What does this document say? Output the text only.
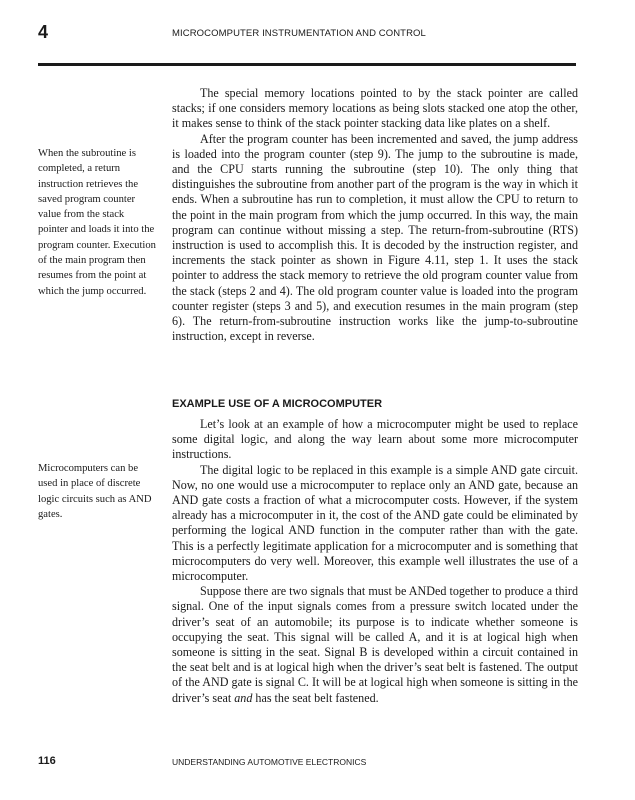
4	MICROCOMPUTER INSTRUMENTATION AND CONTROL

The special memory locations pointed to by the stack pointer are called stacks; if one considers memory locations as being slots stacked one atop the other, it makes sense to think of the stack pointer stacking data like plates on a shelf.

After the program counter has been incremented and saved, the jump address is loaded into the program counter (step 9). The jump to the subroutine is made, and the CPU starts running the subroutine (step 10). The only thing that distinguishes the subroutine from another part of the program is the way in which it ends. When a subroutine has run to completion, it must allow the CPU to return to the point in the main program from which the jump occurred. In this way, the main program can continue without missing a step. The return-from-subroutine (RTS) instruction is used to accomplish this. It is decoded by the instruction register, and increments the stack pointer as shown in Figure 4.11, step 1. It uses the stack pointer to address the stack memory to retrieve the old program counter value from the stack (steps 2 and 4). The old program counter value is loaded into the program counter register (steps 3 and 5), and execution resumes in the main program (step 6). The return-from-subroutine instruction works like the jump-to-subroutine instruction, except in reverse.

When the subroutine is completed, a return instruction retrieves the saved program counter value from the stack pointer and loads it into the program counter. Execution of the main program then resumes from the point at which the jump occurred.
EXAMPLE USE OF A MICROCOMPUTER

Let’s look at an example of how a microcomputer might be used to replace some digital logic, and along the way learn about some more microcomputer instructions.

The digital logic to be replaced in this example is a simple AND gate circuit. Now, no one would use a microcomputer to replace only an AND gate, because an AND gate costs a fraction of what a microcomputer costs. However, if the system already has a microcomputer in it, the cost of the AND gate could be eliminated by performing the logical AND function in the computer rather than with the gate. This is a perfectly legitimate application for a microcomputer and is something that microcomputers do very well. Moreover, this example well illustrates the use of a microcomputer.

Suppose there are two signals that must be ANDed together to produce a third signal. One of the input signals comes from a pressure switch located under the driver’s seat of an automobile; its purpose is to indicate whether someone is occupying the seat. This signal will be called A, and it is at logical high when someone is sitting in the seat. Signal B is developed within a circuit contained in the seat belt and is at logical high when the driver’s seat belt is fastened. The output of the AND gate is signal C. It will be at logical high when someone is sitting in the driver’s seat and has the seat belt fastened.

Microcomputers can be used in place of discrete logic circuits such as AND gates.
116	UNDERSTANDING AUTOMOTIVE ELECTRONICS
